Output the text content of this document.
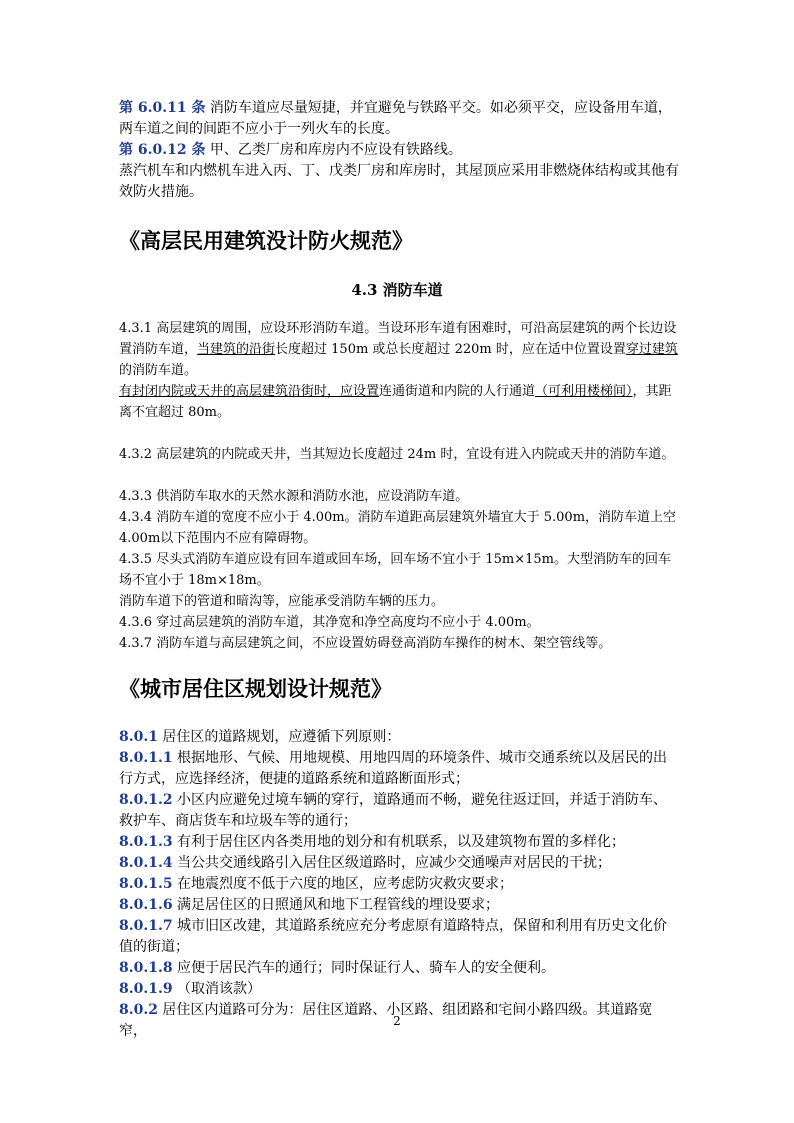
第 6.0.11 条 消防车道应尽量短捷，并宜避免与铁路平交。如必须平交，应设备用车道，两车道之间的间距不应小于一列火车的长度。

第 6.0.12 条 甲、乙类厂房和库房内不应设有铁路线。

蒸汽机车和内燃机车进入丙、丁、戊类厂房和库房时，其屋顶应采用非燃烧体结构或其他有效防火措施。

《高层民用建筑没计防火规范》
4.3 消防车道

4.3.1 高层建筑的周围，应设环形消防车道。当设环形车道有困难时，可沿高层建筑的两个长边设置消防车道，当建筑的沿街长度超过 150m 或总长度超过 220m 时，应在适中位置设置穿过建筑的消防车道。

有封闭内院或天井的高层建筑沿街时，应设置连通街道和内院的人行通道（可利用楼梯间），其距离不宜超过 80m。

4.3.2 高层建筑的内院或天井，当其短边长度超过 24m 时，宜设有进入内院或天井的消防车道。

4.3.3 供消防车取水的天然水源和消防水池，应设消防车道。

4.3.4 消防车道的宽度不应小于 4.00m。消防车道距高层建筑外墙宜大于 5.00m，消防车道上空 4.00m以下范围内不应有障碍物。

4.3.5 尽头式消防车道应设有回车道或回车场，回车场不宜小于 15m×15m。大型消防车的回车场不宜小于 18m×18m。

消防车道下的管道和暗沟等，应能承受消防车辆的压力。

4.3.6 穿过高层建筑的消防车道，其净宽和净空高度均不应小于 4.00m。

4.3.7 消防车道与高层建筑之间，不应设置妨碍登高消防车操作的树木、架空管线等。

《城市居住区规划设计规范》

8.0.1 居住区的道路规划，应遵循下列原则：

8.0.1.1 根据地形、气候、用地规模、用地四周的环境条件、城市交通系统以及居民的出行方式，应选择经济，便捷的道路系统和道路断面形式；

8.0.1.2 小区内应避免过境车辆的穿行，道路通而不畅，避免往返迂回，并适于消防车、救护车、商店货车和垃圾车等的通行；

8.0.1.3 有利于居住区内各类用地的划分和有机联系，以及建筑物布置的多样化；

8.0.1.4 当公共交通线路引入居住区级道路时，应减少交通噪声对居民的干扰；

8.0.1.5 在地震烈度不低于六度的地区，应考虑防灾救灾要求；

8.0.1.6 满足居住区的日照通风和地下工程管线的埋设要求；

8.0.1.7 城市旧区改建，其道路系统应充分考虑原有道路特点，保留和利用有历史文化价值的街道；

8.0.1.8 应便于居民汽车的通行；同时保证行人、骑车人的安全便利。

8.0.1.9 （取消该款）

8.0.2 居住区内道路可分为：居住区道路、小区路、组团路和宅间小路四级。其道路宽窄，

2
